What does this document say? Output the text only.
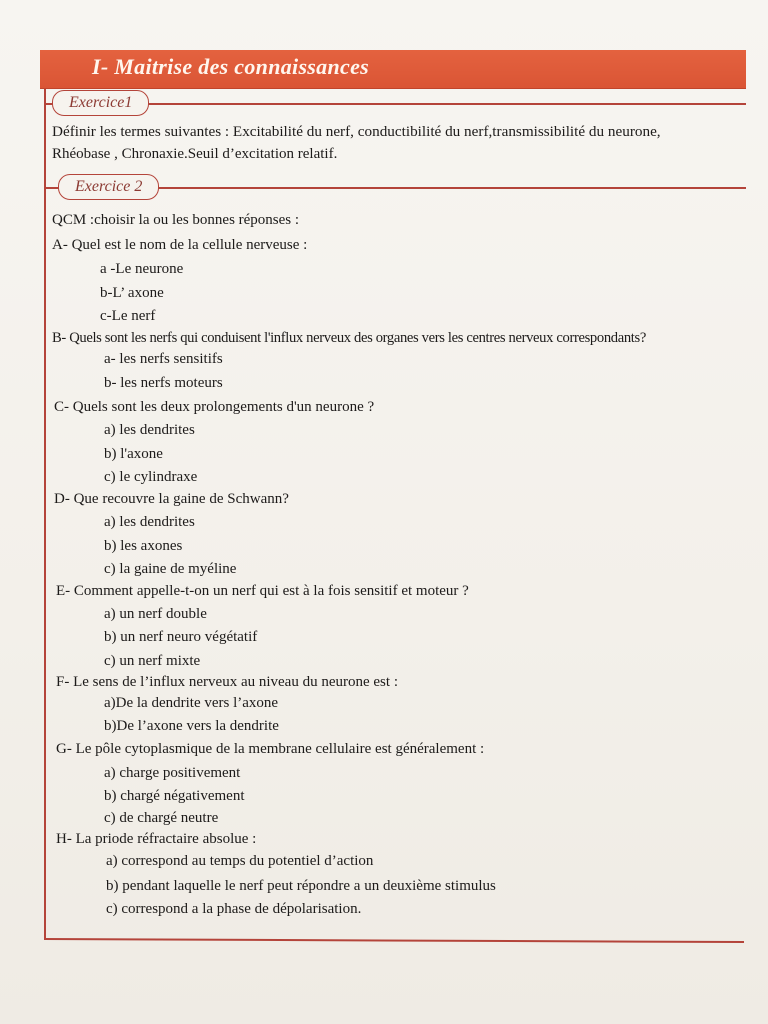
I- Maitrise des connaissances
Exercice1
Définir les termes suivantes : Excitabilité du nerf, conductibilité du nerf,transmissibilité du neurone,
Rhéobase , Chronaxie.Seuil d’excitation relatif.
Exercice 2
QCM :choisir la ou les bonnes réponses :
A- Quel est le nom de la cellule nerveuse :
a -Le neurone
b-L’ axone
c-Le nerf
B- Quels sont les nerfs qui conduisent l'influx nerveux des organes vers les centres nerveux correspondants?
a- les nerfs sensitifs
b- les nerfs moteurs
C- Quels sont les deux prolongements d'un neurone ?
a) les dendrites
b) l'axone
c) le cylindraxe
D- Que recouvre la gaine de Schwann?
a) les dendrites
b) les axones
c) la gaine de myéline
E- Comment appelle-t-on un nerf qui est à la fois sensitif et moteur ?
a) un nerf double
b) un nerf neuro végétatif
c) un nerf mixte
F- Le sens de l’influx nerveux au niveau du neurone est :
a)De la dendrite vers l’axone
b)De l’axone vers la dendrite
G- Le pôle cytoplasmique de la membrane cellulaire est généralement :
a) charge positivement
b) chargé négativement
c) de chargé neutre
H- La priode réfractaire absolue :
a) correspond au temps du potentiel d’action
b) pendant laquelle le nerf peut répondre a un deuxième stimulus
c) correspond a la phase de dépolarisation.
